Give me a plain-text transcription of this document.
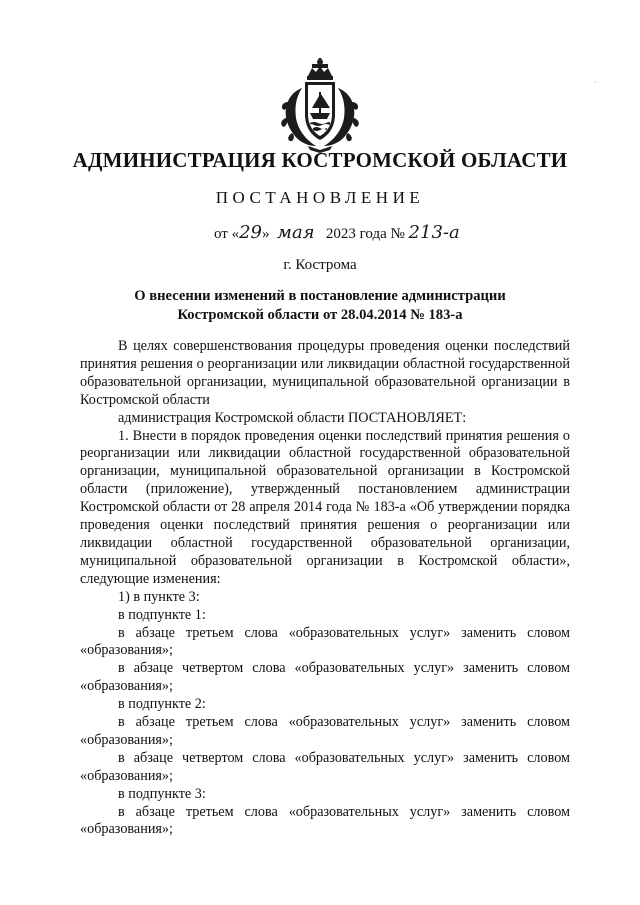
·
АДМИНИСТРАЦИЯ КОСТРОМСКОЙ ОБЛАСТИ
ПОСТАНОВЛЕНИЕ
от «29» мая 2023 года № 213-а
г. Кострома
О внесении изменений в постановление администрации
Костромской области от 28.04.2014 № 183-а

В целях совершенствования процедуры проведения оценки последствий принятия решения о реорганизации или ликвидации областной государственной образовательной организации, муниципальной образовательной организации в Костромской области

администрация Костромской области ПОСТАНОВЛЯЕТ:

1. Внести в порядок проведения оценки последствий принятия решения о реорганизации или ликвидации областной государственной образовательной организации, муниципальной образовательной организации в Костромской области (приложение), утвержденный постановлением администрации Костромской области от 28 апреля 2014 года № 183-а «Об утверждении порядка проведения оценки последствий принятия решения о реорганизации или ликвидации областной государственной образовательной организации, муниципальной образовательной организации в Костромской области», следующие изменения:

1) в пункте 3:

в подпункте 1:

в абзаце третьем слова «образовательных услуг» заменить словом «образования»;

в абзаце четвертом слова «образовательных услуг» заменить словом «образования»;

в подпункте 2:

в абзаце третьем слова «образовательных услуг» заменить словом «образования»;

в абзаце четвертом слова «образовательных услуг» заменить словом «образования»;

в подпункте 3:

в абзаце третьем слова «образовательных услуг» заменить словом «образования»;
